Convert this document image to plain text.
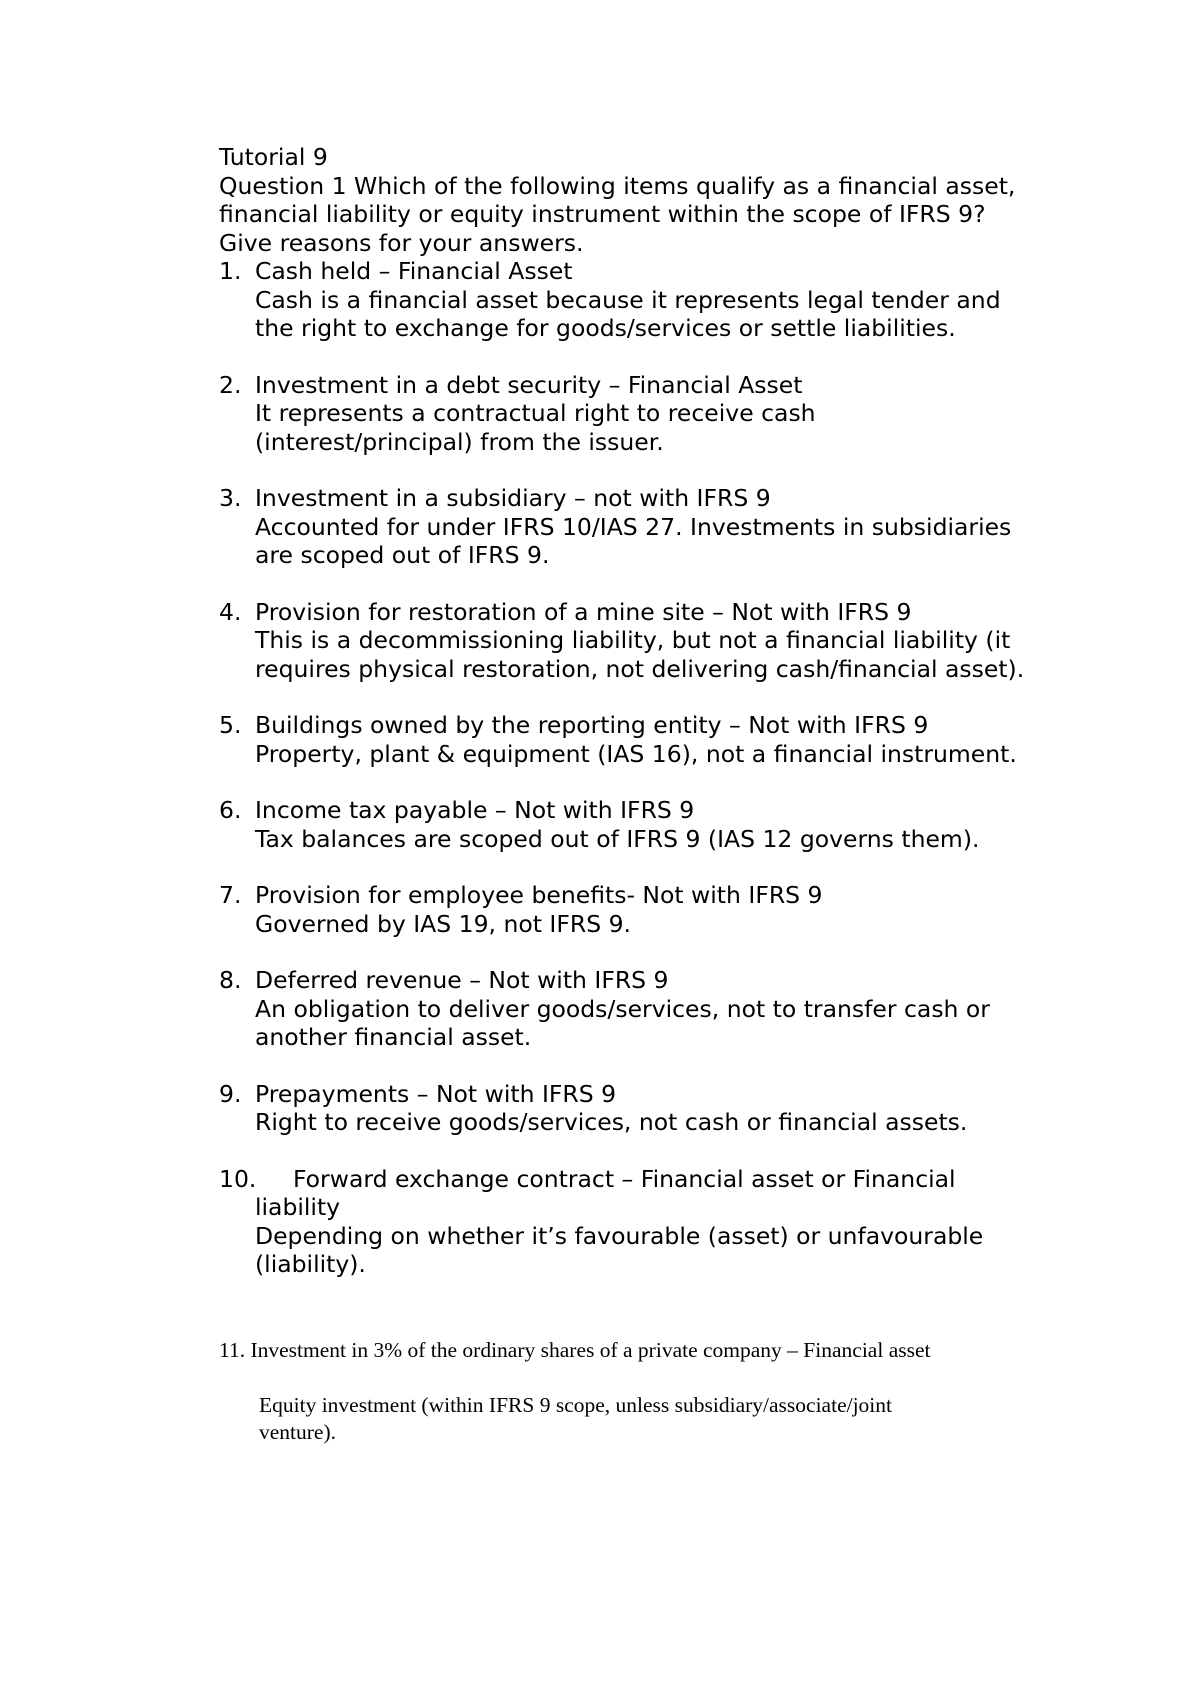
Tutorial 9
Question 1 Which of the following items qualify as a financial asset,
financial liability or equity instrument within the scope of IFRS 9?
Give reasons for your answers.
1. Cash held – Financial Asset
Cash is a financial asset because it represents legal tender and
the right to exchange for goods/services or settle liabilities.
2. Investment in a debt security – Financial Asset
It represents a contractual right to receive cash
(interest/principal) from the issuer.
3. Investment in a subsidiary – not with IFRS 9
Accounted for under IFRS 10/IAS 27. Investments in subsidiaries
are scoped out of IFRS 9.
4. Provision for restoration of a mine site – Not with IFRS 9
This is a decommissioning liability, but not a financial liability (it
requires physical restoration, not delivering cash/financial asset).
5. Buildings owned by the reporting entity – Not with IFRS 9
Property, plant & equipment (IAS 16), not a financial instrument.
6. Income tax payable – Not with IFRS 9
Tax balances are scoped out of IFRS 9 (IAS 12 governs them).
7. Provision for employee benefits- Not with IFRS 9
Governed by IAS 19, not IFRS 9.
8. Deferred revenue – Not with IFRS 9
An obligation to deliver goods/services, not to transfer cash or
another financial asset.
9. Prepayments – Not with IFRS 9
Right to receive goods/services, not cash or financial assets.
10. Forward exchange contract – Financial asset or Financial
liability
Depending on whether it’s favourable (asset) or unfavourable
(liability).
11. Investment in 3% of the ordinary shares of a private company – Financial asset
Equity investment (within IFRS 9 scope, unless subsidiary/associate/joint
venture).
